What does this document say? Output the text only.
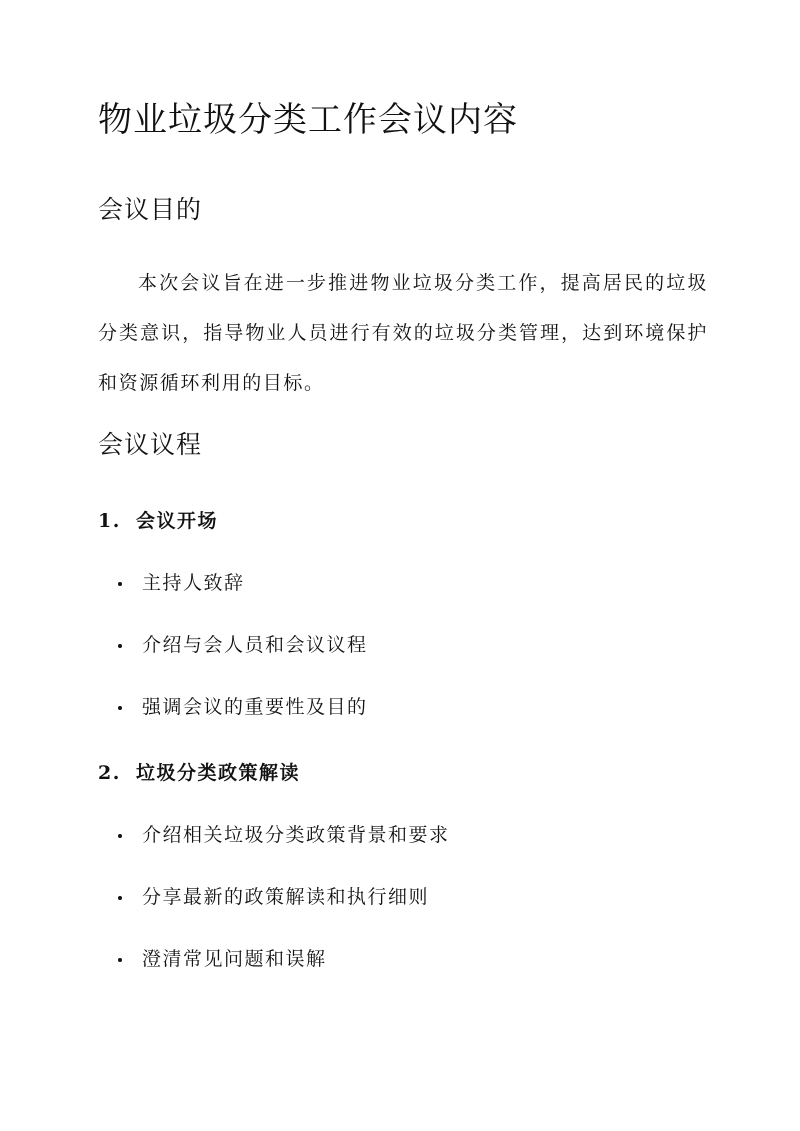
物业垃圾分类工作会议内容
会议目的

本次会议旨在进一步推进物业垃圾分类工作，提高居民的垃圾分类意识，指导物业人员进行有效的垃圾分类管理，达到环境保护和资源循环利用的目标。

会议议程
1. 会议开场
主持人致辞
介绍与会人员和会议议程
强调会议的重要性及目的
2. 垃圾分类政策解读
介绍相关垃圾分类政策背景和要求
分享最新的政策解读和执行细则
澄清常见问题和误解
